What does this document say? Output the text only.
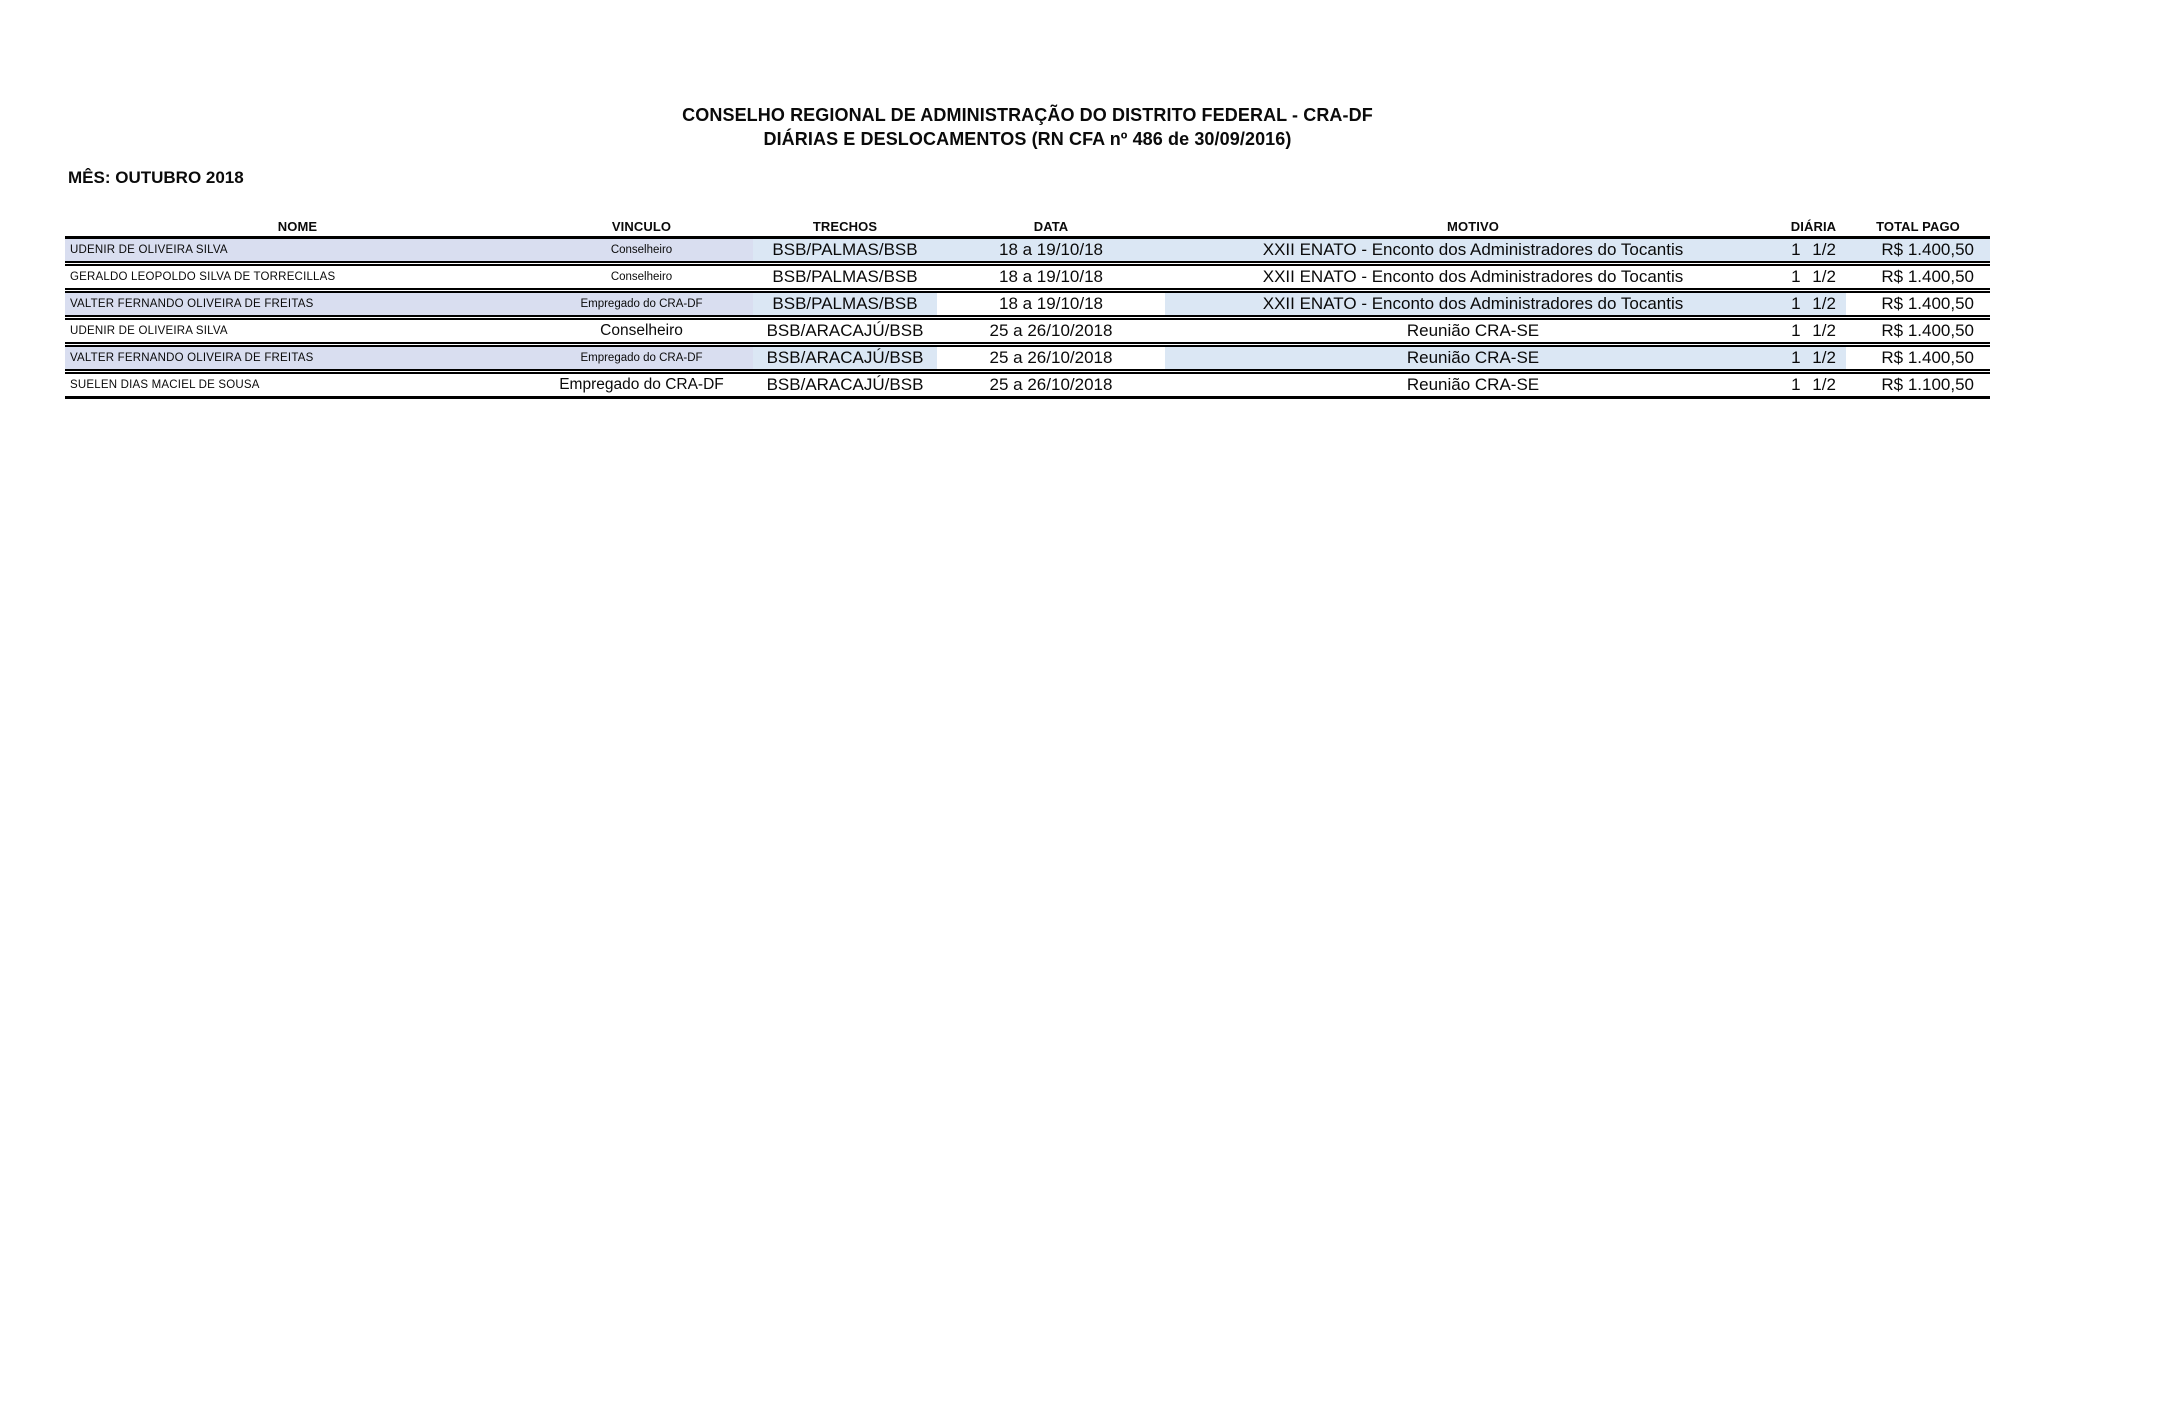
CONSELHO REGIONAL DE ADMINISTRAÇÃO DO DISTRITO FEDERAL - CRA-DF
DIÁRIAS E DESLOCAMENTOS (RN CFA nº 486 de 30/09/2016)
MÊS: OUTUBRO 2018
NOME	VINCULO	TRECHOS	DATA	MOTIVO	DIÁRIA	TOTAL PAGO
UDENIR DE OLIVEIRA SILVA	Conselheiro	BSB/PALMAS/BSB	18 a 19/10/18	XXII ENATO - Enconto dos Administradores do Tocantis	1 1/2	R$ 1.400,50
GERALDO LEOPOLDO SILVA DE TORRECILLAS	Conselheiro	BSB/PALMAS/BSB	18 a 19/10/18	XXII ENATO - Enconto dos Administradores do Tocantis	1 1/2	R$ 1.400,50
VALTER FERNANDO OLIVEIRA DE FREITAS	Empregado do CRA-DF	BSB/PALMAS/BSB	18 a 19/10/18	XXII ENATO - Enconto dos Administradores do Tocantis	1 1/2	R$ 1.400,50
UDENIR DE OLIVEIRA SILVA	Conselheiro	BSB/ARACAJÚ/BSB	25 a 26/10/2018	Reunião CRA-SE	1 1/2	R$ 1.400,50
VALTER FERNANDO OLIVEIRA DE FREITAS	Empregado do CRA-DF	BSB/ARACAJÚ/BSB	25 a 26/10/2018	Reunião CRA-SE	1 1/2	R$ 1.400,50
SUELEN DIAS MACIEL DE SOUSA	Empregado do CRA-DF	BSB/ARACAJÚ/BSB	25 a 26/10/2018	Reunião CRA-SE	1 1/2	R$ 1.100,50
